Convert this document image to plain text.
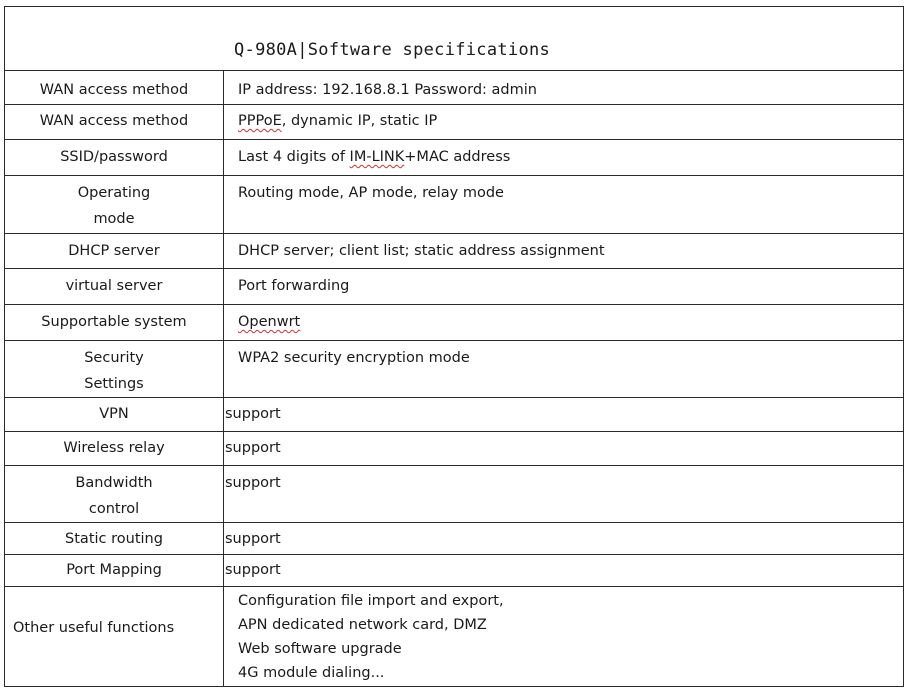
Q-980A|Software specifications
WAN access method	IP address: 192.168.8.1 Password: admin

WAN access method	PPPoE, dynamic IP, static IP

SSID/password	Last 4 digits of IM-LINK+MAC address

Operating
mode	Routing mode, AP mode, relay mode

DHCP server	DHCP server; client list; static address assignment

virtual server	Port forwarding

Supportable system	Openwrt

Security
Settings	WPA2 security encryption mode

VPN	support

Wireless relay	support

Bandwidth
control	support

Static routing	support

Port Mapping	support

Other useful functions	Configuration file import and export,
APN dedicated network card, DMZ
Web software upgrade
4G module dialing...
